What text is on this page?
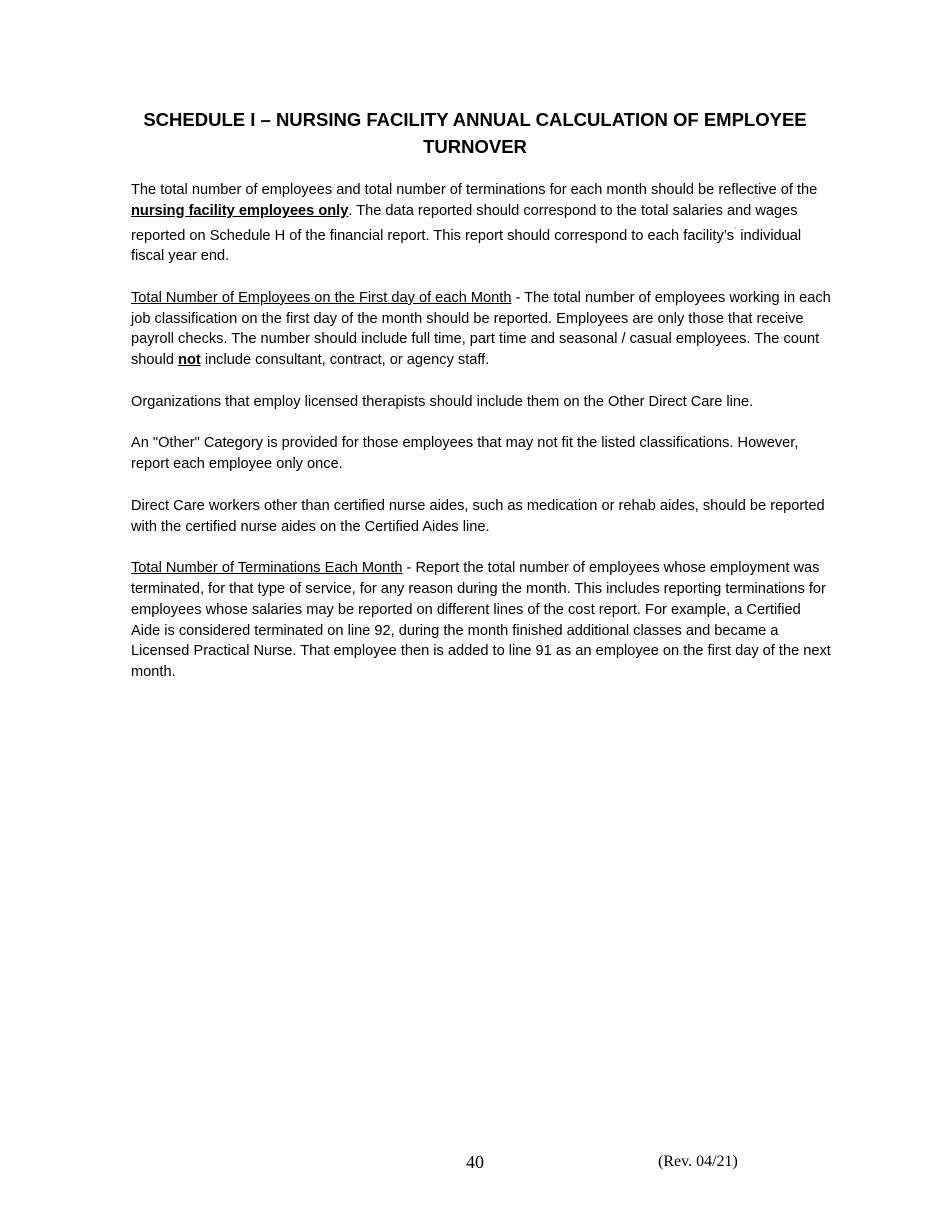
SCHEDULE I – NURSING FACILITY ANNUAL CALCULATION OF EMPLOYEE TURNOVER

The total number of employees and total number of terminations for each month should be reflective of the nursing facility employees only. The data reported should correspond to the total salaries and wages reported on Schedule H of the financial report. This report should correspond to each facility’s’ individual fiscal year end.

Total Number of Employees on the First day of each Month - The total number of employees working in each job classification on the first day of the month should be reported. Employees are only those that receive payroll checks. The number should include full time, part time and seasonal / casual employees. The count should not include consultant, contract, or agency staff.

Organizations that employ licensed therapists should include them on the Other Direct Care line.

An "Other" Category is provided for those employees that may not fit the listed classifications. However, report each employee only once.

Direct Care workers other than certified nurse aides, such as medication or rehab aides, should be reported with the certified nurse aides on the Certified Aides line.

Total Number of Terminations Each Month - Report the total number of employees whose employment was terminated, for that type of service, for any reason during the month. This includes reporting terminations for employees whose salaries may be reported on different lines of the cost report. For example, a Certified Aide is considered terminated on line 92, during the month finished additional classes and became a Licensed Practical Nurse. That employee then is added to line 91 as an employee on the first day of the next month.

40	(Rev. 04/21)
